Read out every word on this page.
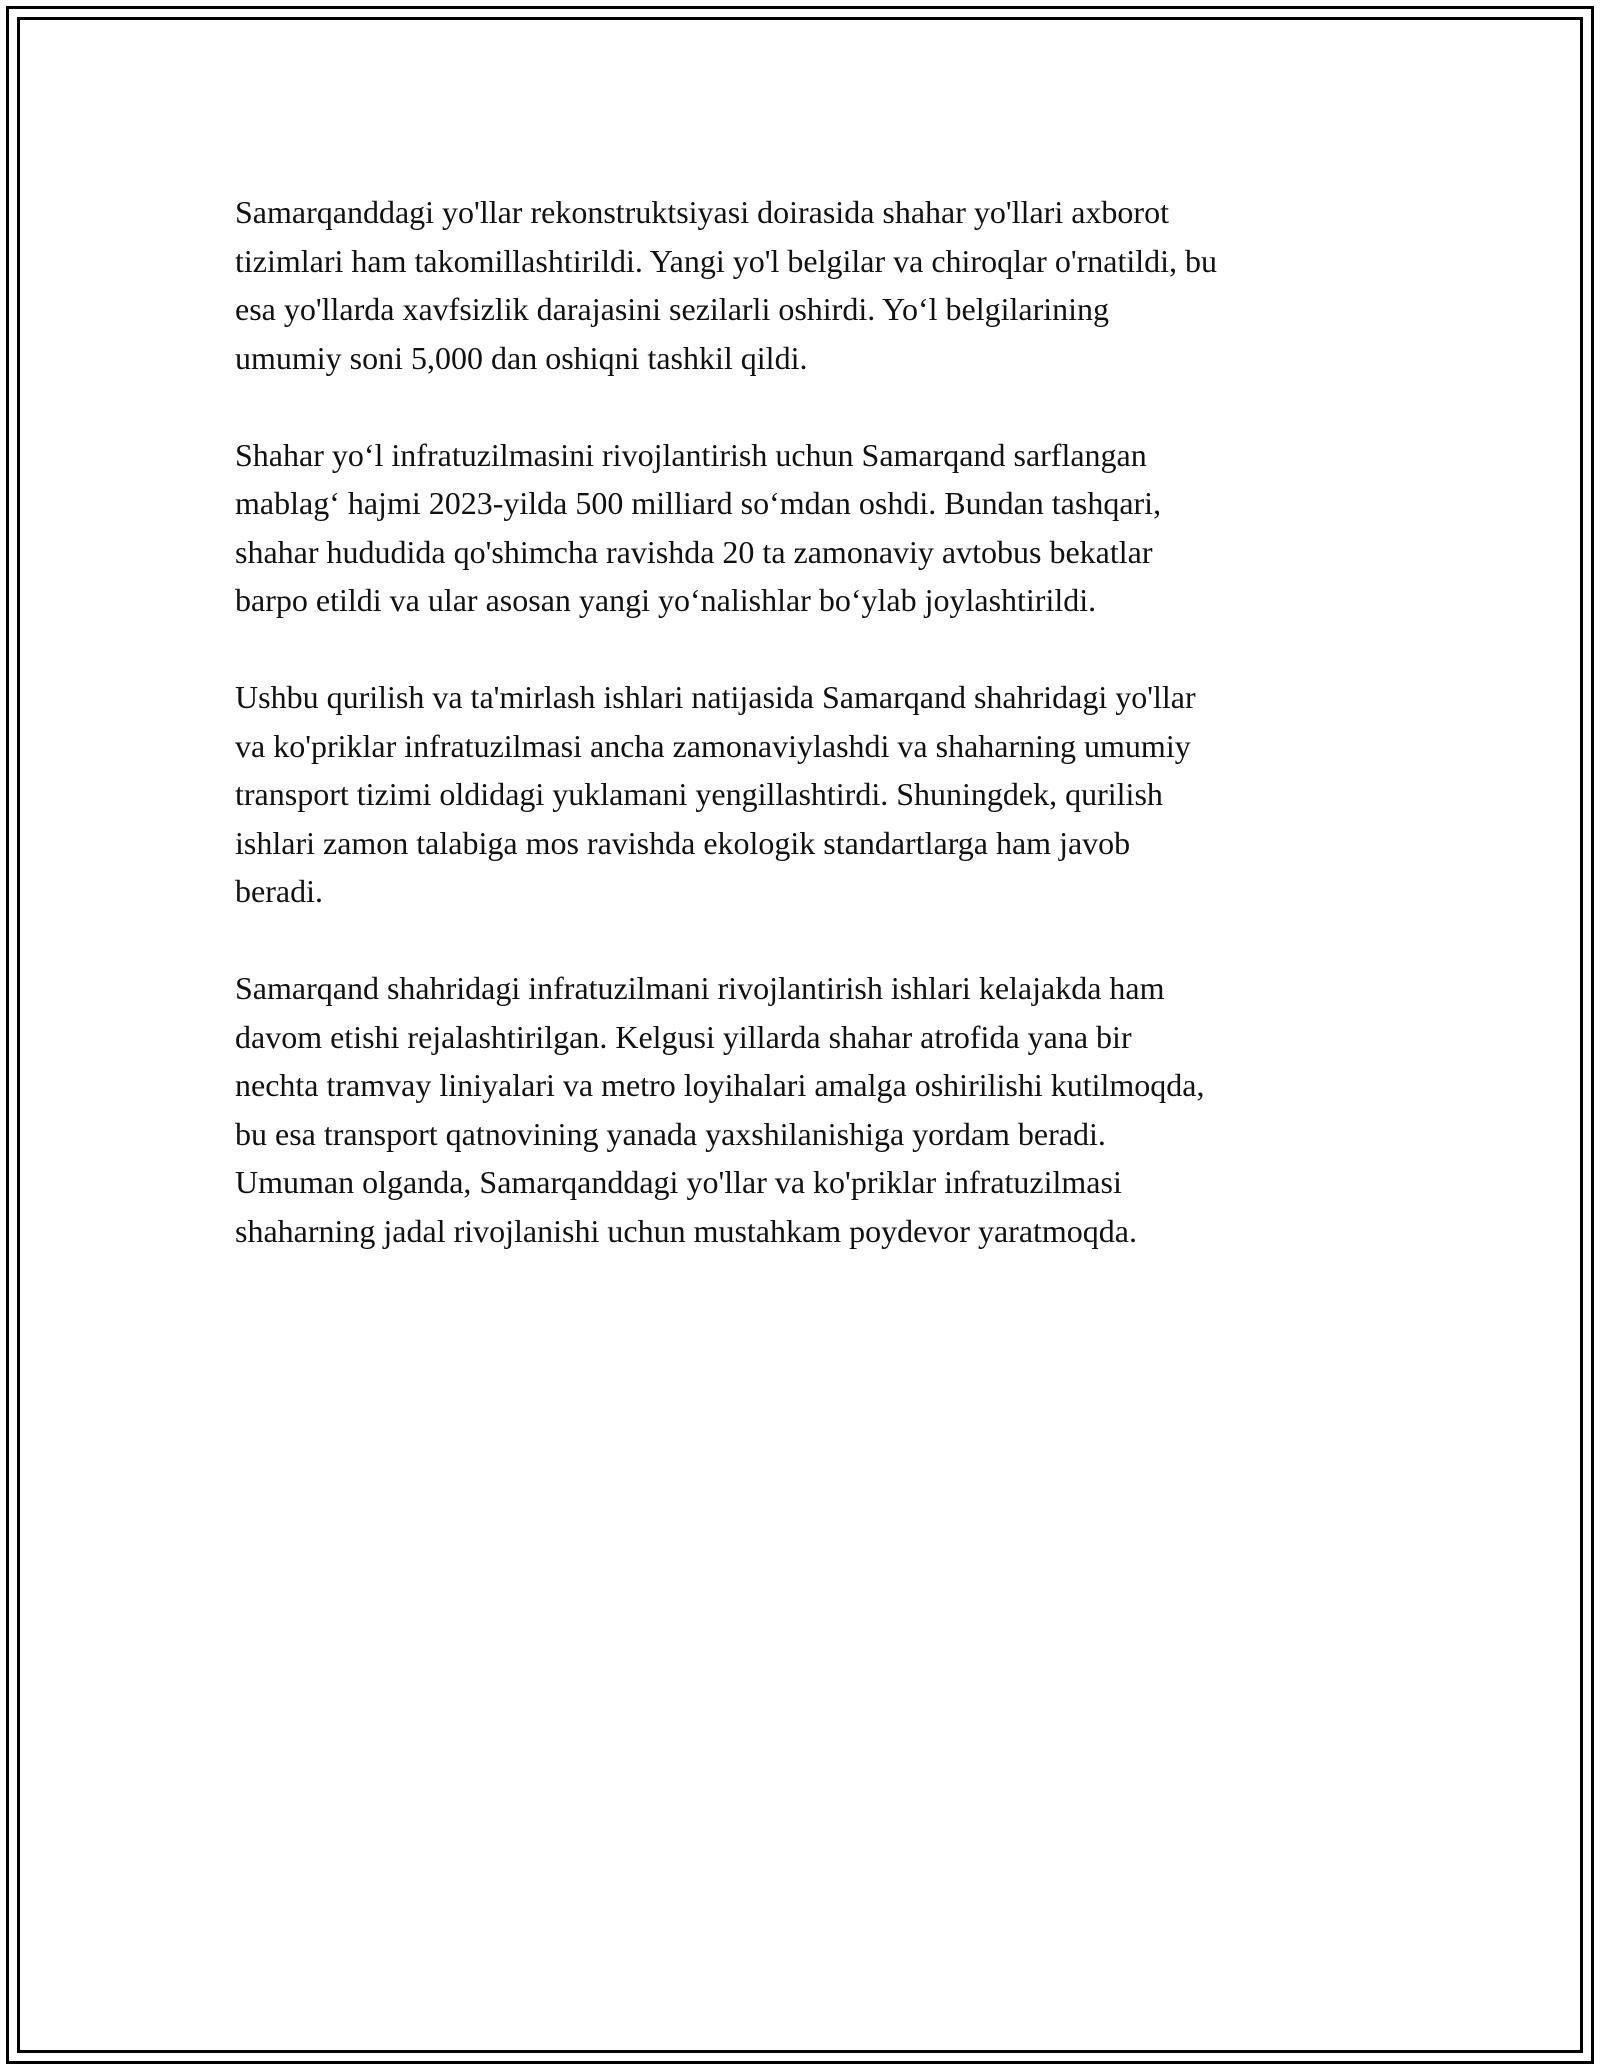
Samarqanddagi yo'llar rekonstruktsiyasi doirasida shahar yo'llari axborot
tizimlari ham takomillashtirildi. Yangi yo'l belgilar va chiroqlar o'rnatildi, bu
esa yo'llarda xavfsizlik darajasini sezilarli oshirdi. Yo‘l belgilarining
umumiy soni 5,000 dan oshiqni tashkil qildi.

Shahar yo‘l infratuzilmasini rivojlantirish uchun Samarqand sarflangan
mablag‘ hajmi 2023-yilda 500 milliard so‘mdan oshdi. Bundan tashqari,
shahar hududida qo'shimcha ravishda 20 ta zamonaviy avtobus bekatlar
barpo etildi va ular asosan yangi yo‘nalishlar bo‘ylab joylashtirildi.

Ushbu qurilish va ta'mirlash ishlari natijasida Samarqand shahridagi yo'llar
va ko'priklar infratuzilmasi ancha zamonaviylashdi va shaharning umumiy
transport tizimi oldidagi yuklamani yengillashtirdi. Shuningdek, qurilish
ishlari zamon talabiga mos ravishda ekologik standartlarga ham javob
beradi.

Samarqand shahridagi infratuzilmani rivojlantirish ishlari kelajakda ham
davom etishi rejalashtirilgan. Kelgusi yillarda shahar atrofida yana bir
nechta tramvay liniyalari va metro loyihalari amalga oshirilishi kutilmoqda,
bu esa transport qatnovining yanada yaxshilanishiga yordam beradi.
Umuman olganda, Samarqanddagi yo'llar va ko'priklar infratuzilmasi
shaharning jadal rivojlanishi uchun mustahkam poydevor yaratmoqda.
